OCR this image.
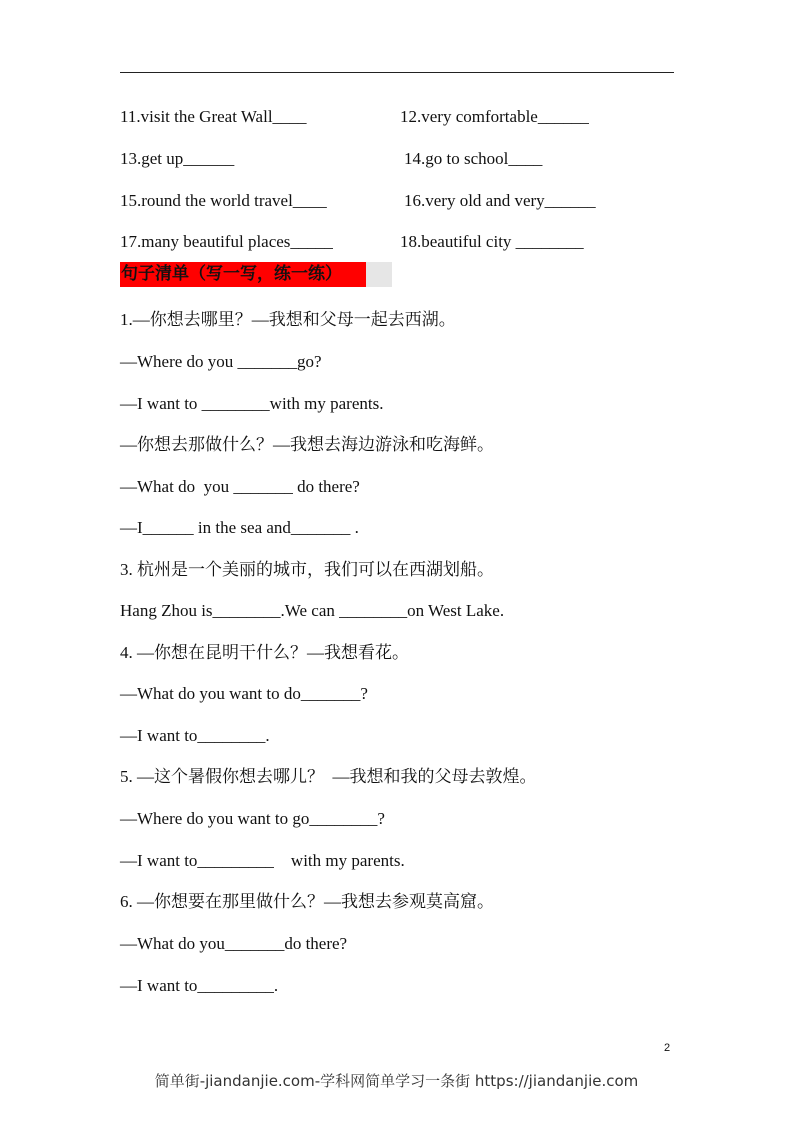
11.visit the Great Wall____	12.very comfortable______
13.get up______	14.go to school____
15.round the world travel____	16.very old and very______
17.many beautiful places_____	18.beautiful city ________
句子清单（写一写，练一练）
1.—你想去哪里？—我想和父母一起去西湖。
—Where do you _______go?
—I want to ________with my parents.
—你想去那做什么？—我想去海边游泳和吃海鲜。
—What do  you _______ do there?
—I______ in the sea and_______ .
3. 杭州是一个美丽的城市，我们可以在西湖划船。
Hang Zhou is________.We can ________on West Lake.
4. —你想在昆明干什么？—我想看花。
—What do you want to do_______?
—I want to________.
5. —这个暑假你想去哪儿？  —我想和我的父母去敦煌。
—Where do you want to go________?
—I want to_________    with my parents.
6. —你想要在那里做什么？—我想去参观莫高窟。
—What do you_______do there?
—I want to_________.
2
简单街-jiandanjie.com-学科网简单学习一条街 https://jiandanjie.com
